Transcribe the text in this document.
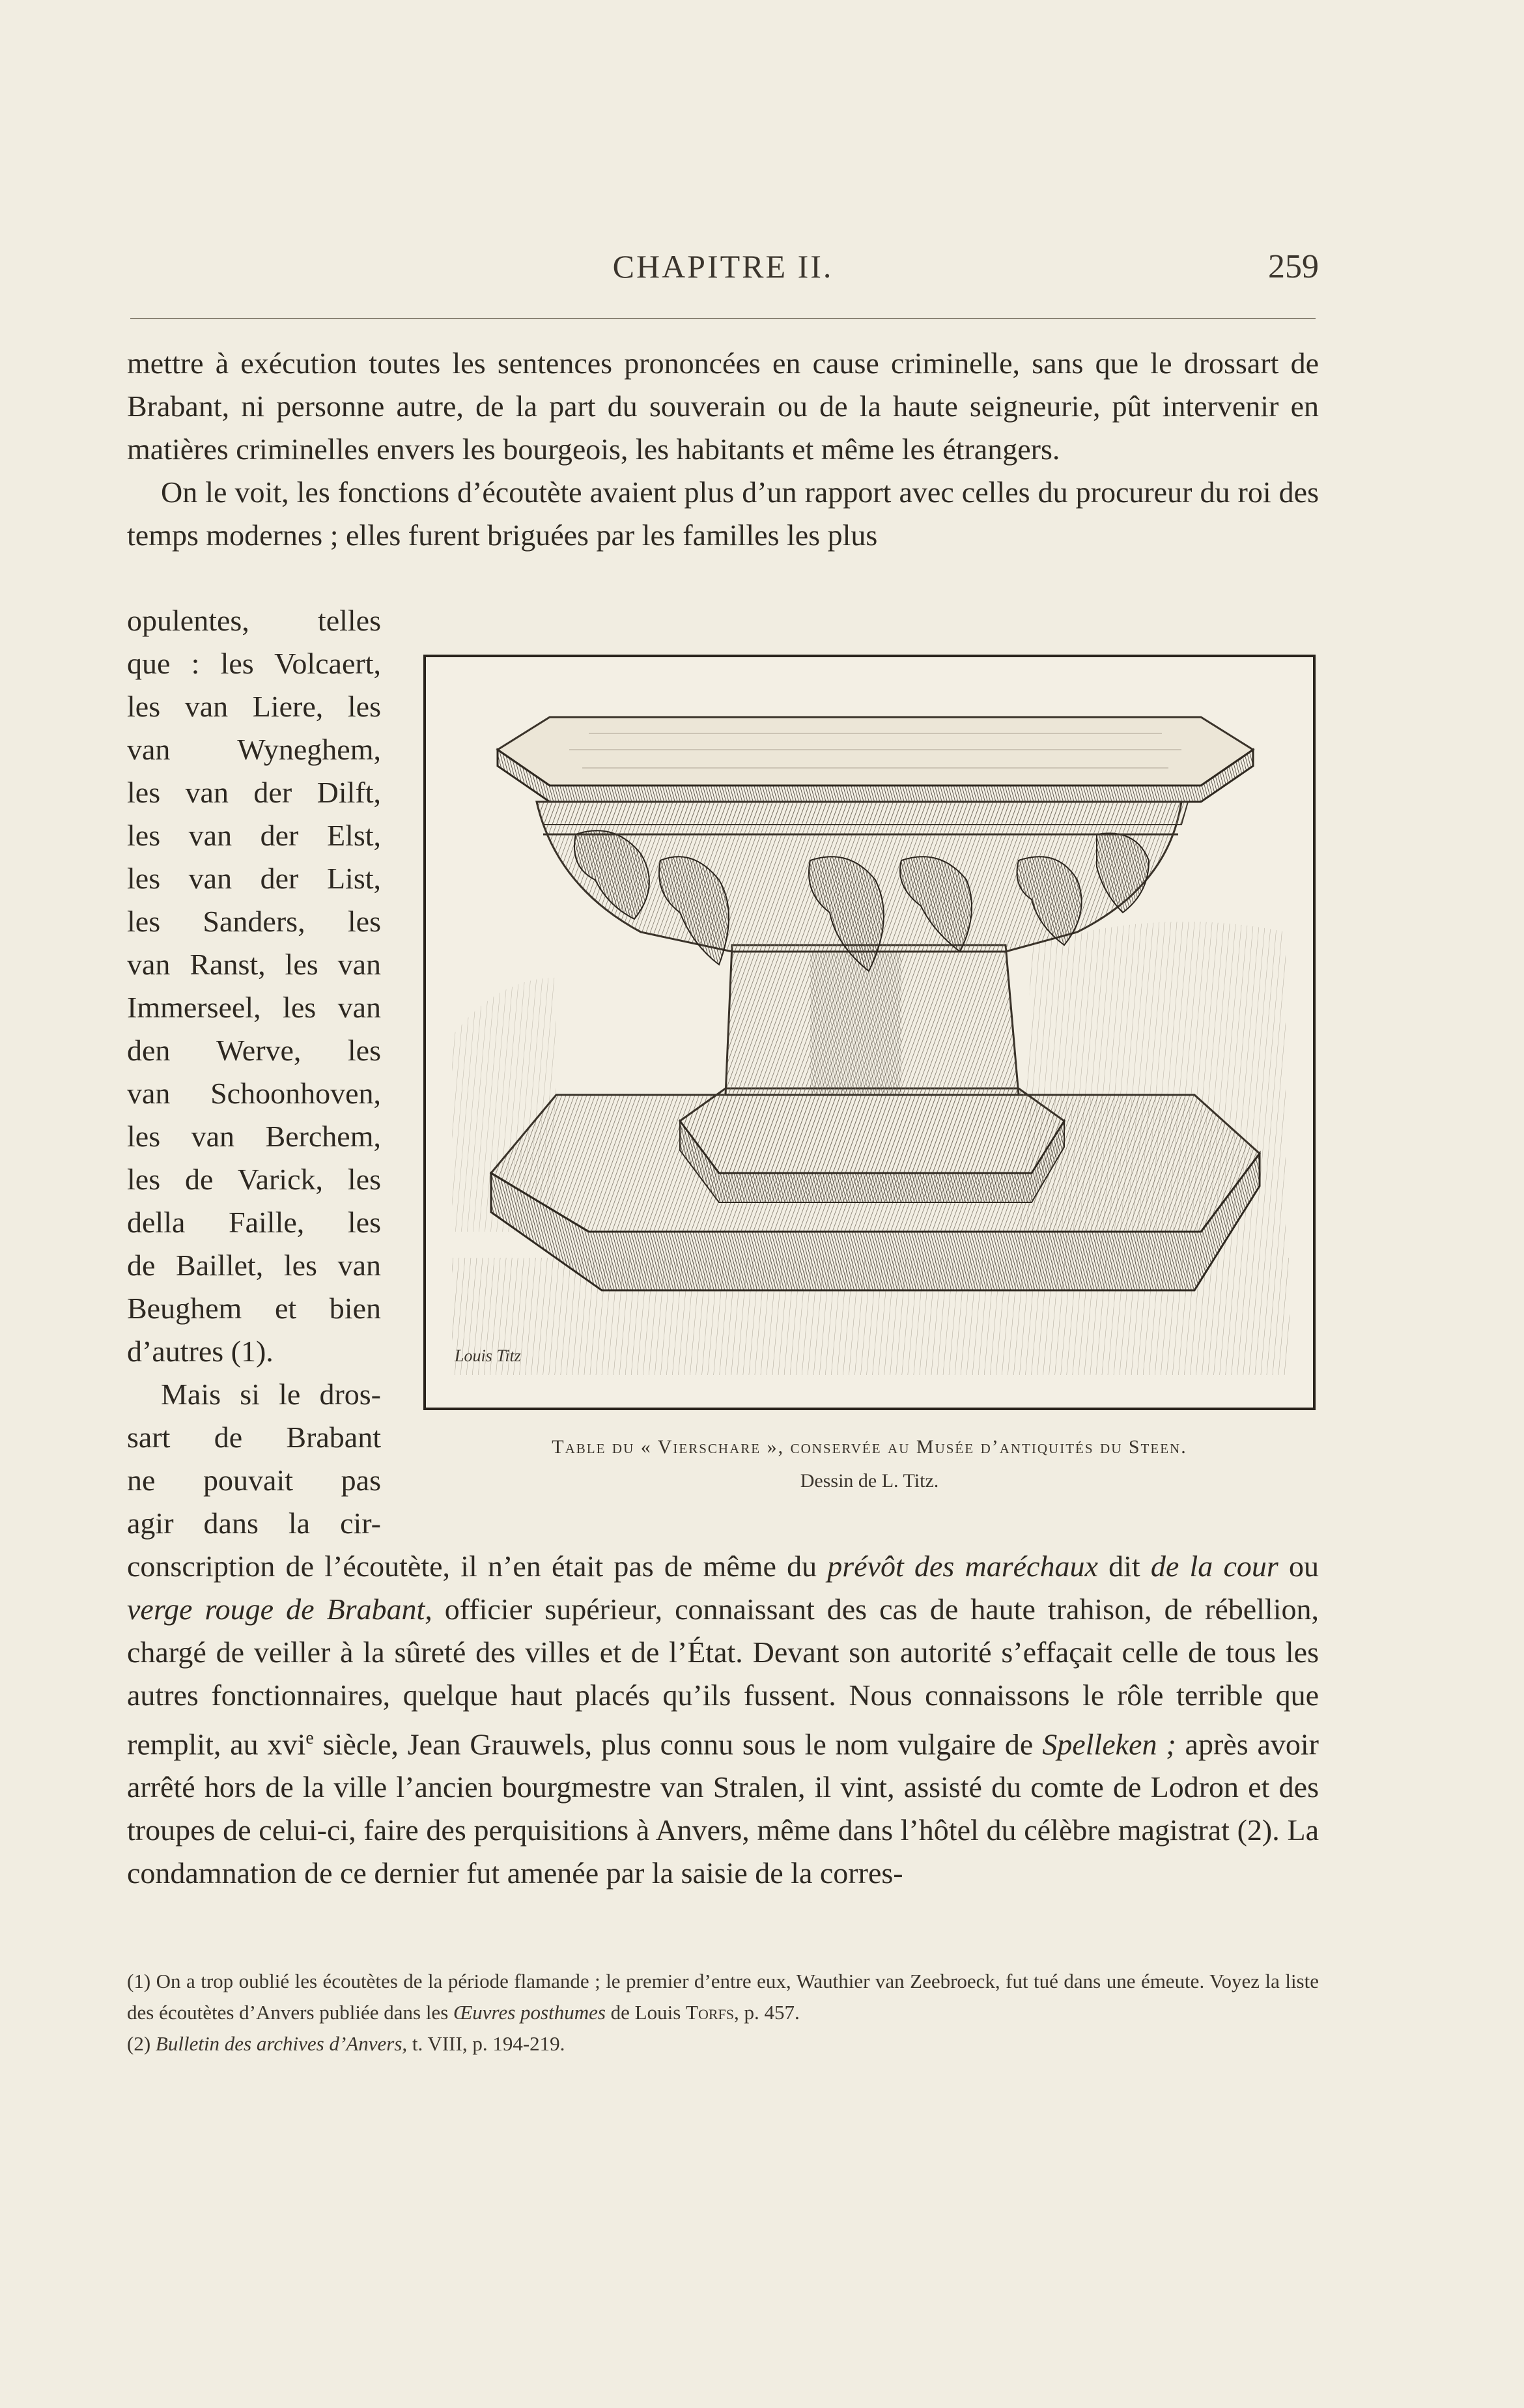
CHAPITRE II.	259

mettre à exécution toutes les sentences prononcées en cause criminelle, sans que le drossart de Brabant, ni personne autre, de la part du souverain ou de la haute seigneurie, pût intervenir en matières criminelles envers les bourgeois, les habitants et même les étrangers.

On le voit, les fonctions d’écoutète avaient plus d’un rapport avec celles du procureur du roi des temps modernes ; elles furent briguées par les familles les plus

opulentes, telles
que : les Volcaert,
les van Liere, les
van Wyneghem,
les van der Dilft,
les van der Elst,
les van der List,
les Sanders, les
van Ranst, les van
Immerseel, les van
den Werve, les
van Schoonhoven,
les van Berchem,
les de Varick, les
della Faille, les
de Baillet, les van
Beughem et bien
d’autres (1).
Mais si le dros-
sart de Brabant
ne pouvait pas
agir dans la cir-
Louis Titz
Table du « Vierschare », conservée au Musée d’antiquités du Steen.
Dessin de L. Titz.

conscription de l’écoutète, il n’en était pas de même du prévôt des maréchaux dit de la cour ou verge rouge de Brabant, officier supérieur, connaissant des cas de haute trahison, de rébellion, chargé de veiller à la sûreté des villes et de l’État. Devant son autorité s’effaçait celle de tous les autres fonctionnaires, quelque haut placés qu’ils fussent. Nous connaissons le rôle terrible que remplit, au xvi$^e$ siècle, Jean Grauwels, plus connu sous le nom vulgaire de Spelleken ; après avoir arrêté hors de la ville l’ancien bourgmestre van Stralen, il vint, assisté du comte de Lodron et des troupes de celui-ci, faire des perquisitions à Anvers, même dans l’hôtel du célèbre magistrat (2). La condamnation de ce dernier fut amenée par la saisie de la corres-

(1) On a trop oublié les écoutètes de la période flamande ; le premier d’entre eux, Wauthier van Zeebroeck, fut tué dans une émeute. Voyez la liste des écoutètes d’Anvers publiée dans les Œuvres posthumes de Louis Torfs, p. 457.

(2) Bulletin des archives d’Anvers, t. VIII, p. 194-219.
